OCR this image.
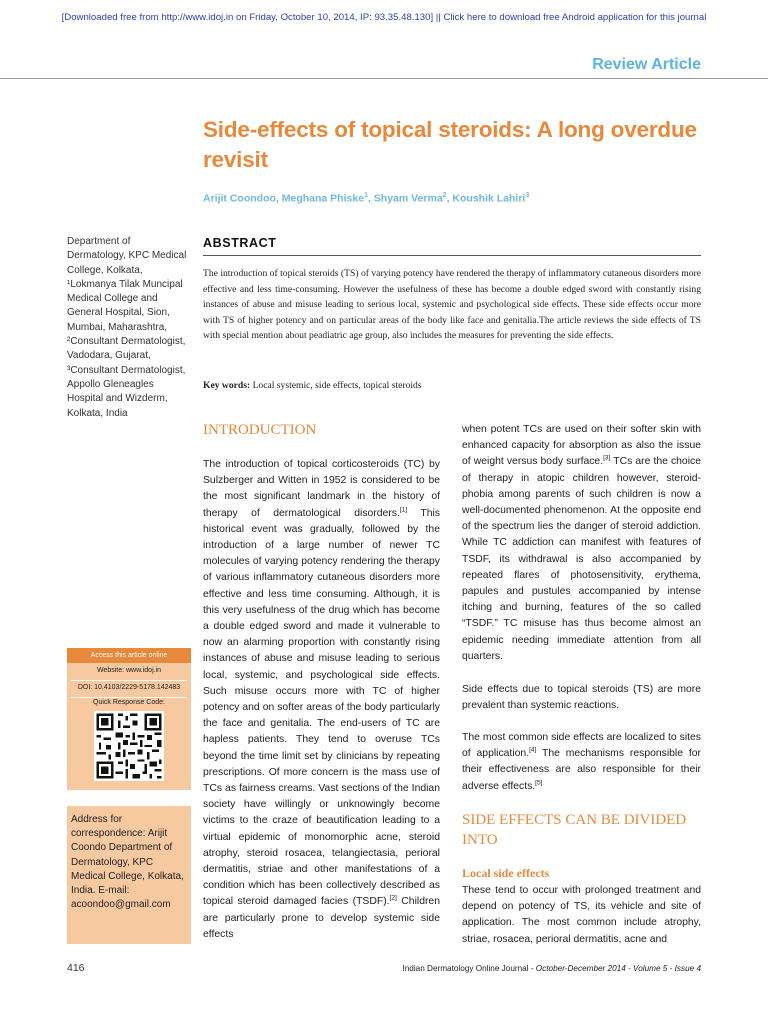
[Downloaded free from http://www.idoj.in on Friday, October 10, 2014, IP: 93.35.48.130] || Click here to download free Android application for this journal
Review Article
Side-effects of topical steroids: A long overdue revisit
Arijit Coondoo, Meghana Phiske$^1$, Shyam Verma$^2$, Koushik Lahiri$^3$
Department of Dermatology, KPC Medical College, Kolkata, ¹Lokmanya Tilak Muncipal Medical College and General Hospital, Sion, Mumbai, Maharashtra, ²Consultant Dermatologist, Vadodara, Gujarat, ³Consultant Dermatologist, Appollo Gleneagles Hospital and Wizderm, Kolkata, India
ABSTRACT
The introduction of topical steroids (TS) of varying potency have rendered the therapy of inflammatory cutaneous disorders more effective and less time-consuming. However the usefulness of these has become a double edged sword with constantly rising instances of abuse and misuse leading to serious local, systemic and psychological side effects. These side effects occur more with TS of higher potency and on particular areas of the body like face and genitalia.The article reviews the side effects of TS with special mention about peadiatric age group, also includes the measures for preventing the side effects.
Key words: Local systemic, side effects, topical steroids
INTRODUCTION
The introduction of topical corticosteroids (TC) by Sulzberger and Witten in 1952 is considered to be the most significant landmark in the history of therapy of dermatological disorders.[1] This historical event was gradually, followed by the introduction of a large number of newer TC molecules of varying potency rendering the therapy of various inflammatory cutaneous disorders more effective and less time consuming. Although, it is this very usefulness of the drug which has become a double edged sword and made it vulnerable to now an alarming proportion with constantly rising instances of abuse and misuse leading to serious local, systemic, and psychological side effects. Such misuse occurs more with TC of higher potency and on softer areas of the body particularly the face and genitalia. The end-users of TC are hapless patients. They tend to overuse TCs beyond the time limit set by clinicians by repeating prescriptions. Of more concern is the mass use of TCs as fairness creams. Vast sections of the Indian society have willingly or unknowingly become victims to the craze of beautification leading to a virtual epidemic of monomorphic acne, steroid atrophy, steroid rosacea, telangiectasia, perioral dermatitis, striae and other manifestations of a condition which has been collectively described as topical steroid damaged facies (TSDF).[2] Children are particularly prone to develop systemic side effects
when potent TCs are used on their softer skin with enhanced capacity for absorption as also the issue of weight versus body surface.[3] TCs are the choice of therapy in atopic children however, steroid-phobia among parents of such children is now a well-documented phenomenon. At the opposite end of the spectrum lies the danger of steroid addiction. While TC addiction can manifest with features of TSDF, its withdrawal is also accompanied by repeated flares of photosensitivity, erythema, papules and pustules accompanied by intense itching and burning, features of the so called “TSDF.” TC misuse has thus become almost an epidemic needing immediate attention from all quarters.
Side effects due to topical steroids (TS) are more prevalent than systemic reactions.
The most common side effects are localized to sites of application.[4] The mechanisms responsible for their effectiveness are also responsible for their adverse effects.[5]
SIDE EFFECTS CAN BE DIVIDED INTO
Local side effects
These tend to occur with prolonged treatment and depend on potency of TS, its vehicle and site of application. The most common include atrophy, striae, rosacea, perioral dermatitis, acne and
Access this article online
Website: www.idoj.in
DOI: 10.4103/2229-5178.142483
Quick Response Code:
Address for correspondence: Arijit Coondo Department of Dermatology, KPC Medical College, Kolkata, India. E-mail: acoondoo@gmail.com
416	Indian Dermatology Online Journal - October-December 2014 - Volume 5 - Issue 4
